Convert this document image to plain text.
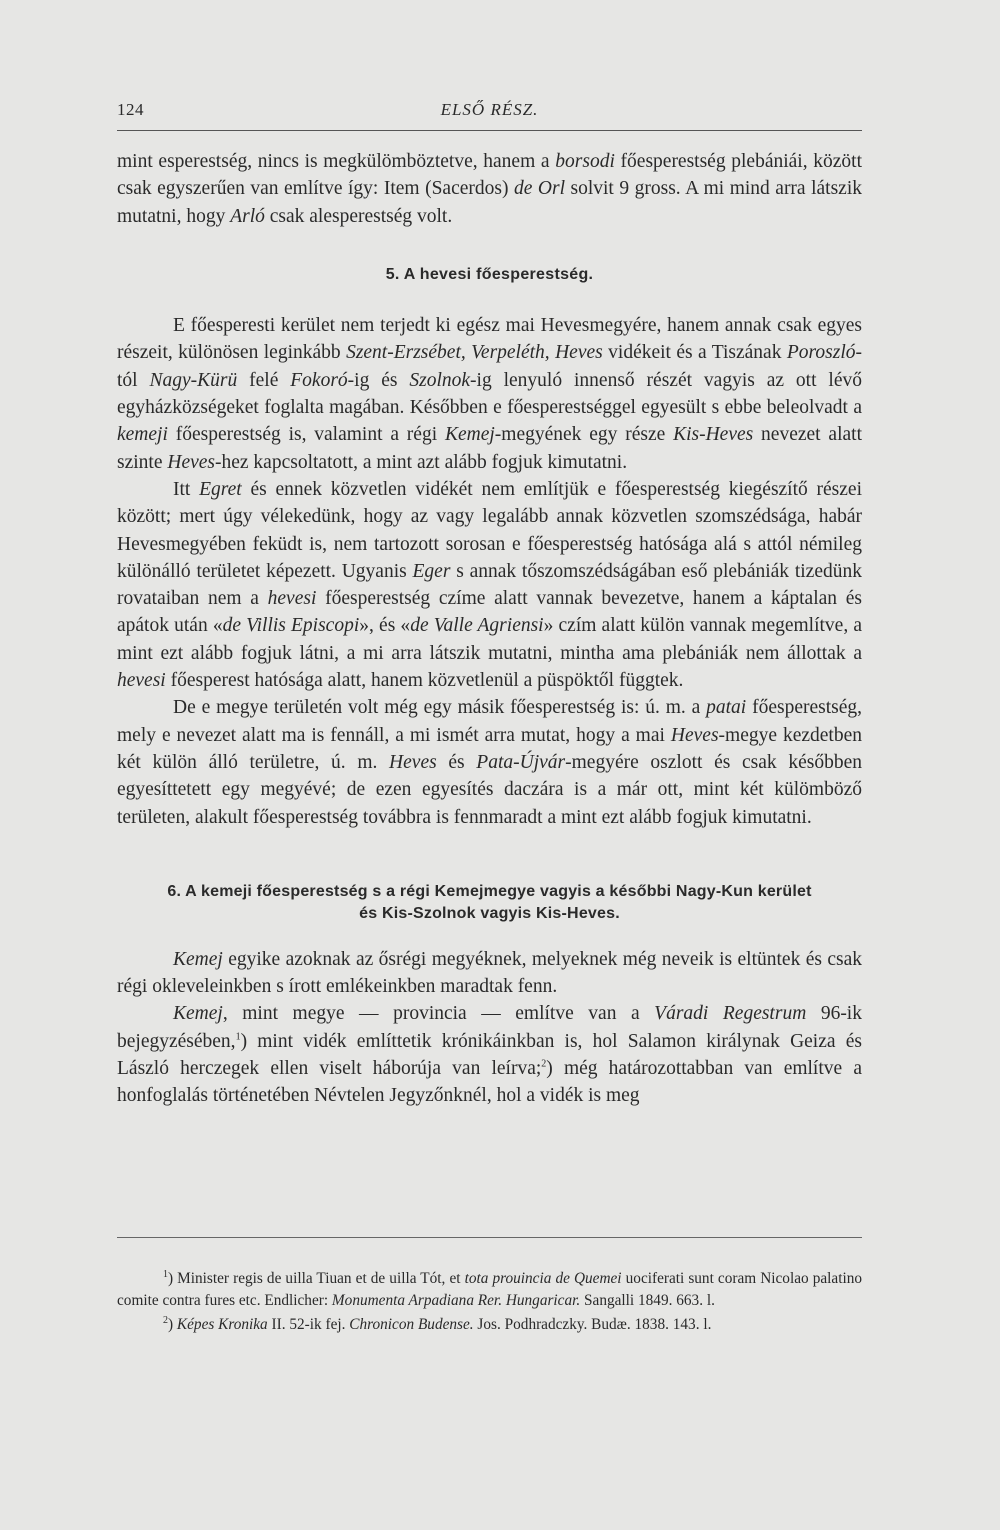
124	ELSŐ RÉSZ.

mint esperestség, nincs is megkülömböztetve, hanem a borsodi főesperestség plebániái, között csak egyszerűen van említve így: Item (Sacerdos) de Orl solvit 9 gross. A mi mind arra látszik mutatni, hogy Arló csak alesperestség volt.

5. A hevesi főesperestség.

E főesperesti kerület nem terjedt ki egész mai Hevesmegyére, hanem annak csak egyes részeit, különösen leginkább Szent-Erzsébet, Verpeléth, Heves vidékeit és a Tiszának Poroszló-tól Nagy-Kürü felé Fokoró-ig és Szolnok-ig lenyuló innenső részét vagyis az ott lévő egyházközségeket foglalta magában. Későbben e főesperestséggel egyesült s ebbe beleolvadt a kemeji főesperestség is, valamint a régi Kemej-megyének egy része Kis-Heves nevezet alatt szinte Heves-hez kapcsoltatott, a mint azt alább fogjuk kimutatni.

Itt Egret és ennek közvetlen vidékét nem említjük e főesperestség kiegészítő részei között; mert úgy vélekedünk, hogy az vagy legalább annak közvetlen szomszédsága, habár Hevesmegyében feküdt is, nem tartozott sorosan e főesperestség hatósága alá s attól némileg különálló területet képezett. Ugyanis Eger s annak tőszomszédságában eső plebániák tizedünk rovataiban nem a hevesi főesperestség czíme alatt vannak bevezetve, hanem a káptalan és apátok után «de Villis Episcopi», és «de Valle Agriensi» czím alatt külön vannak megemlítve, a mint ezt alább fogjuk látni, a mi arra látszik mutatni, mintha ama plebániák nem állottak a hevesi főesperest hatósága alatt, hanem közvetlenül a püspöktől függtek.

De e megye területén volt még egy másik főesperestség is: ú. m. a patai főesperestség, mely e nevezet alatt ma is fennáll, a mi ismét arra mutat, hogy a mai Heves-megye kezdetben két külön álló területre, ú. m. Heves és Pata-Újvár-megyére oszlott és csak későbben egyesíttetett egy megyévé; de ezen egyesítés daczára is a már ott, mint két külömböző területen, alakult főesperestség továbbra is fennmaradt a mint ezt alább fogjuk kimutatni.

6. A kemeji főesperestség s a régi Kemejmegye vagyis a későbbi Nagy-Kun kerület
és Kis-Szolnok vagyis Kis-Heves.

Kemej egyike azoknak az ősrégi megyéknek, melyeknek még neveik is eltüntek és csak régi okleveleinkben s írott emlékeinkben maradtak fenn.

Kemej, mint megye — provincia — említve van a Váradi Regestrum 96-ik bejegyzésében,$^1$) mint vidék említtetik krónikáinkban is, hol Salamon királynak Geiza és László herczegek ellen viselt háborúja van leírva;$^2$) még határozottabban van említve a honfoglalás történetében Névtelen Jegyzőnknél, hol a vidék is meg

$^1$) Minister regis de uilla Tiuan et de uilla Tót, et tota prouincia de Quemei uociferati sunt coram Nicolao palatino comite contra fures etc. Endlicher: Monumenta Arpadiana Rer. Hungaricar. Sangalli 1849. 663. l.

$^2$) Képes Kronika II. 52-ik fej. Chronicon Budense. Jos. Podhradczky. Budæ. 1838. 143. l.
